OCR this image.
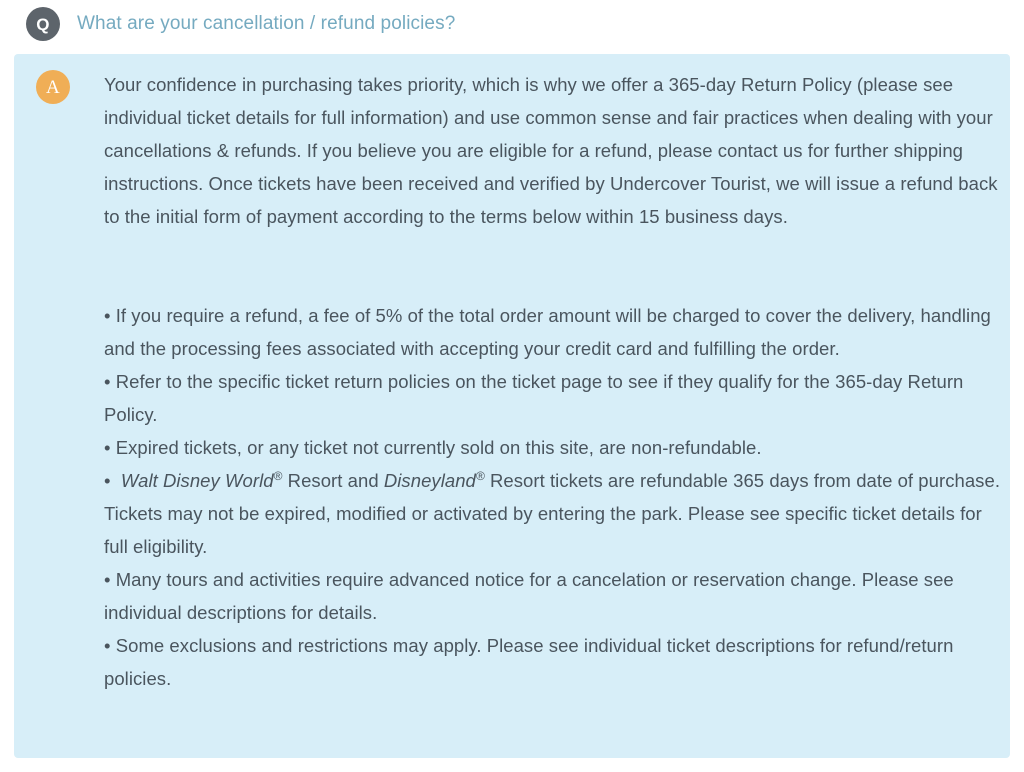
Q What are your cancellation / refund policies?
A Your confidence in purchasing takes priority, which is why we offer a 365-day Return Policy (please see individual ticket details for full information) and use common sense and fair practices when dealing with your cancellations & refunds. If you believe you are eligible for a refund, please contact us for further shipping instructions. Once tickets have been received and verified by Undercover Tourist, we will issue a refund back to the initial form of payment according to the terms below within 15 business days.

• If you require a refund, a fee of 5% of the total order amount will be charged to cover the delivery, handling and the processing fees associated with accepting your credit card and fulfilling the order.
• Refer to the specific ticket return policies on the ticket page to see if they qualify for the 365-day Return Policy.
• Expired tickets, or any ticket not currently sold on this site, are non-refundable.
• Walt Disney World® Resort and Disneyland® Resort tickets are refundable 365 days from date of purchase. Tickets may not be expired, modified or activated by entering the park. Please see specific ticket details for full eligibility.
• Many tours and activities require advanced notice for a cancelation or reservation change. Please see individual descriptions for details.
• Some exclusions and restrictions may apply. Please see individual ticket descriptions for refund/return policies.
